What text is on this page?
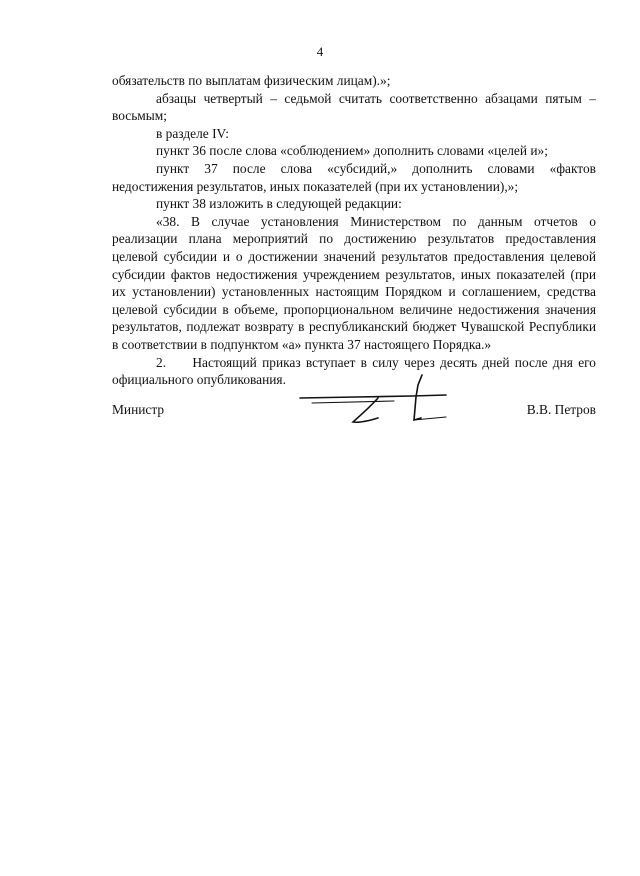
4

обязательств по выплатам физическим лицам).»;

абзацы четвертый – седьмой считать соответственно абзацами пятым – восьмым;

в разделе IV:

пункт 36 после слова «соблюдением» дополнить словами «целей и»;

пункт 37 после слова «субсидий,» дополнить словами «фактов недостижения результатов, иных показателей (при их установлении),»;

пункт 38 изложить в следующей редакции:

«38. В случае установления Министерством по данным отчетов о реализации плана мероприятий по достижению результатов предоставления целевой субсидии и о достижении значений результатов предоставления целевой субсидии фактов недостижения учреждением результатов, иных показателей (при их установлении) установленных настоящим Порядком и соглашением, средства целевой субсидии в объеме, пропорциональном величине недостижения значения результатов, подлежат возврату в республиканский бюджет Чувашской Республики в соответствии в подпунктом «а» пункта 37 настоящего Порядка.»

2.     Настоящий приказ вступает в силу через десять дней после дня его официального опубликования.

Министр	В.В. Петров
